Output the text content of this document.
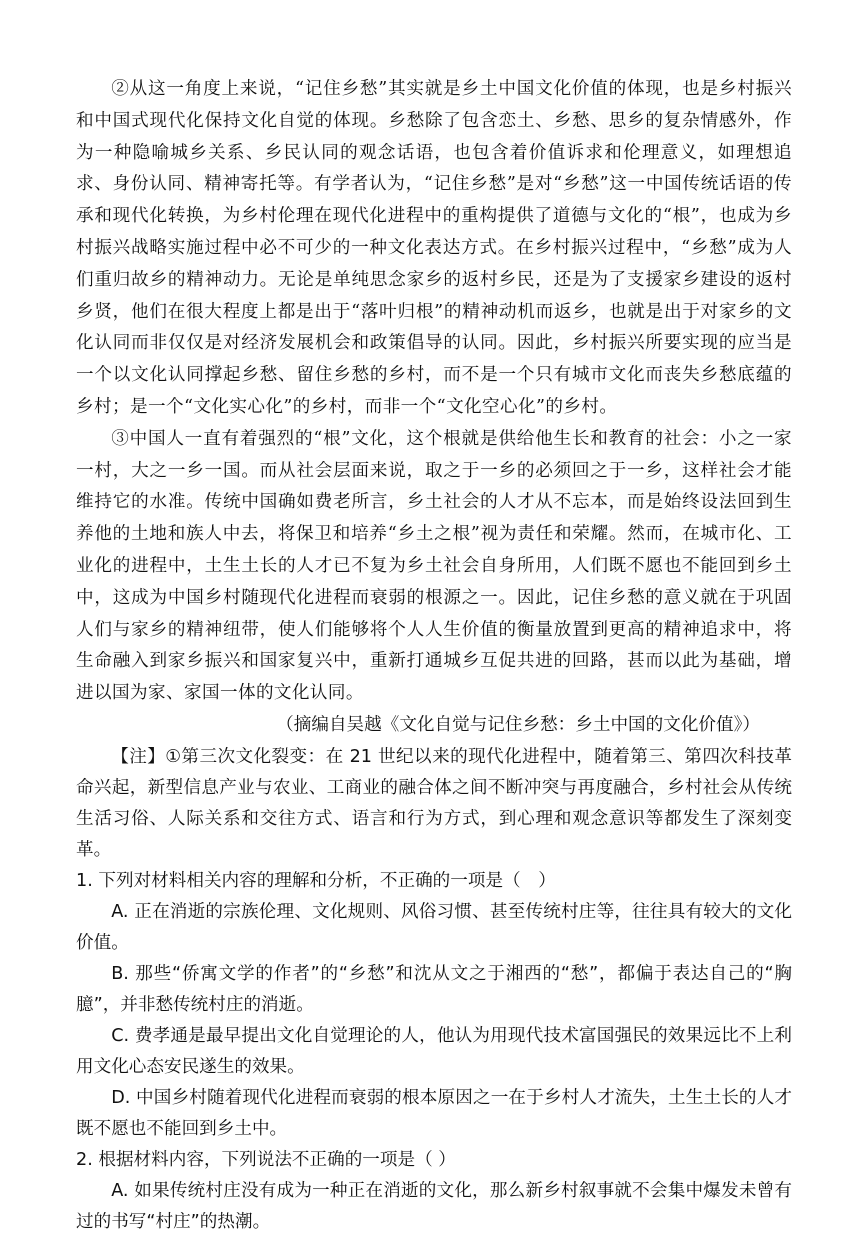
②从这一角度上来说，“记住乡愁”其实就是乡土中国文化价值的体现，也是乡村振兴和中国式现代化保持文化自觉的体现。乡愁除了包含恋土、乡愁、思乡的复杂情感外，作为一种隐喻城乡关系、乡民认同的观念话语，也包含着价值诉求和伦理意义，如理想追求、身份认同、精神寄托等。有学者认为，“记住乡愁”是对“乡愁”这一中国传统话语的传承和现代化转换，为乡村伦理在现代化进程中的重构提供了道德与文化的“根”，也成为乡村振兴战略实施过程中必不可少的一种文化表达方式。在乡村振兴过程中，“乡愁”成为人们重归故乡的精神动力。无论是单纯思念家乡的返村乡民，还是为了支援家乡建设的返村乡贤，他们在很大程度上都是出于“落叶归根”的精神动机而返乡，也就是出于对家乡的文化认同而非仅仅是对经济发展机会和政策倡导的认同。因此，乡村振兴所要实现的应当是一个以文化认同撑起乡愁、留住乡愁的乡村，而不是一个只有城市文化而丧失乡愁底蕴的乡村；是一个“文化实心化”的乡村，而非一个“文化空心化”的乡村。

③中国人一直有着强烈的“根”文化，这个根就是供给他生长和教育的社会：小之一家一村，大之一乡一国。而从社会层面来说，取之于一乡的必须回之于一乡，这样社会才能维持它的水准。传统中国确如费老所言，乡土社会的人才从不忘本，而是始终设法回到生养他的土地和族人中去，将保卫和培养“乡土之根”视为责任和荣耀。然而，在城市化、工业化的进程中，土生土长的人才已不复为乡土社会自身所用，人们既不愿也不能回到乡土中，这成为中国乡村随现代化进程而衰弱的根源之一。因此，记住乡愁的意义就在于巩固人们与家乡的精神纽带，使人们能够将个人人生价值的衡量放置到更高的精神追求中，将生命融入到家乡振兴和国家复兴中，重新打通城乡互促共进的回路，甚而以此为基础，增进以国为家、家国一体的文化认同。

（摘编自吴越《文化自觉与记住乡愁：乡土中国的文化价值》）

【注】①第三次文化裂变：在 21 世纪以来的现代化进程中，随着第三、第四次科技革命兴起，新型信息产业与农业、工商业的融合体之间不断冲突与再度融合，乡村社会从传统生活习俗、人际关系和交往方式、语言和行为方式，到心理和观念意识等都发生了深刻变革。

1. 下列对材料相关内容的理解和分析，不正确的一项是（　）

A. 正在消逝的宗族伦理、文化规则、风俗习惯、甚至传统村庄等，往往具有较大的文化价值。

B. 那些“侨寓文学的作者”的“乡愁”和沈从文之于湘西的“愁”，都偏于表达自己的“胸臆”，并非愁传统村庄的消逝。

C. 费孝通是最早提出文化自觉理论的人，他认为用现代技术富国强民的效果远比不上利用文化心态安民遂生的效果。

D. 中国乡村随着现代化进程而衰弱的根本原因之一在于乡村人才流失，土生土长的人才既不愿也不能回到乡土中。

2. 根据材料内容，下列说法不正确的一项是（ ）

A. 如果传统村庄没有成为一种正在消逝的文化，那么新乡村叙事就不会集中爆发未曾有过的书写“村庄”的热潮。
